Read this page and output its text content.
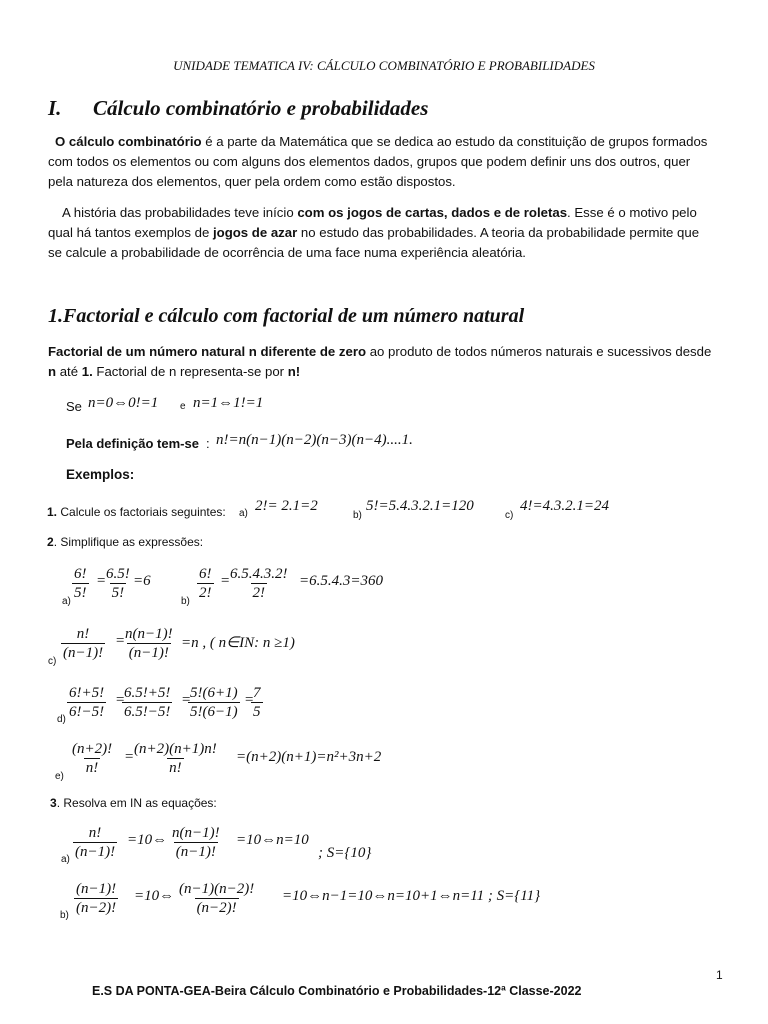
UNIDADE TEMATICA IV: CÁLCULO COMBINATÓRIO E PROBABILIDADES
I. Cálculo combinatório e probabilidades
O cálculo combinatório é a parte da Matemática que se dedica ao estudo da constituição de grupos formados com todos os elementos ou com alguns dos elementos dados, grupos que podem definir uns dos outros, quer pela natureza dos elementos, quer pela ordem como estão dispostos.
A história das probabilidades teve início com os jogos de cartas, dados e de roletas. Esse é o motivo pelo qual há tantos exemplos de jogos de azar no estudo das probabilidades. A teoria da probabilidade permite que se calcule a probabilidade de ocorrência de uma face numa experiência aleatória.
1.Factorial e cálculo com factorial de um número natural
Factorial de um número natural n diferente de zero ao produto de todos números naturais e sucessivos desde n até 1. Factorial de n representa-se por n!
Se n=0⇔0!=1 e n=1⇔1!=1
Pela definição tem-se : n!=n(n−1)(n−2)(n−3)(n−4)....1.
Exemplos:
1. Calcule os factoriais seguintes: a) 2!= 2.1=2
b)
5!=5.4.3.2.1=120
c)
4!=4.3.2.1=24
2. Simplifique as expressões:
$a) \frac{6!}{5!}$ =
$\frac{6.5!}{5!} =6$
$b) \frac{6!}{2!}$ =
$\frac{6.5.4.3.2!}{2!} =6.5.4.3=360$
$c) \frac{n!}{(n-1)!}$ =
$\frac{n(n-1)!}{(n-1)!} =n$ , ( n∈IN: n ≥1)
$d) \frac{6!+5!}{6!-5!}$ =
$\frac{6.5!+5!}{6.5!-5!}$ =
$\frac{5!(6+1)}{5!(6-1)}$ =
$\frac{7}{5}$
$e) \frac{(n+2)!}{n!}$ =
$\frac{(n+2)(n+1)n!}{n!} =(n+2)(n+1)=n^2+3n+2$
3. Resolva em IN as equações:
$a) \frac{n!}{(n-1)!}$ =10⇔ $\frac{n(n-1)!}{(n-1)!}$ =10⇔n=10
; S={10}
$b) \frac{(n-1)!}{(n-2)!}$ =10⇔ $\frac{(n-1)(n-2)!}{(n-2)!}$ =10⇔n−1=10⇔n=10+1⇔n=11 ; S={11}
1
E.S DA PONTA-GEA-Beira Cálculo Combinatório e Probabilidades-12ª Classe-2022
